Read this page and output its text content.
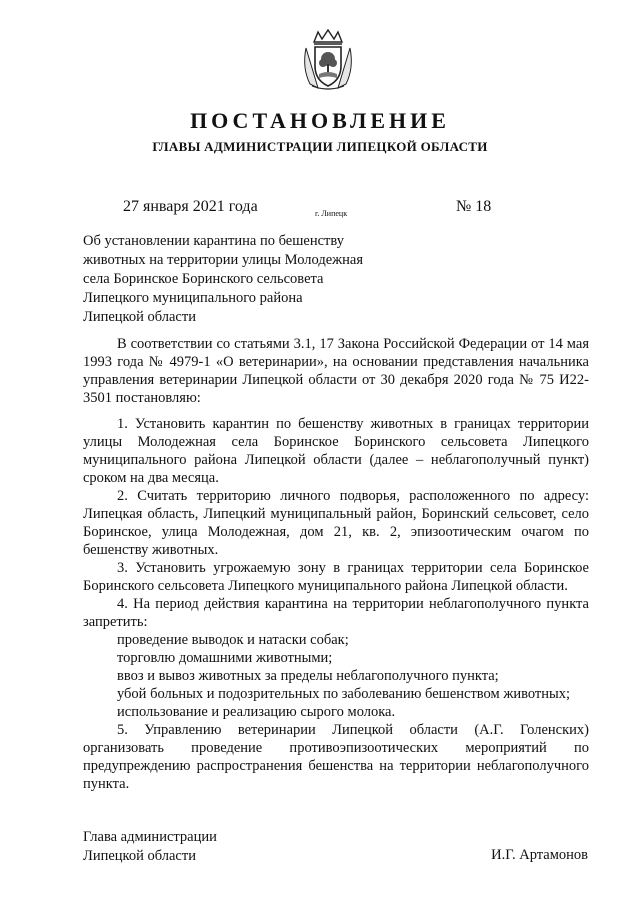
ПОСТАНОВЛЕНИЕ
ГЛАВЫ АДМИНИСТРАЦИИ ЛИПЕЦКОЙ ОБЛАСТИ
27 января 2021 года	г. Липецк	№ 18
Об установлении карантина по бешенству
животных на территории улицы Молодежная
села Боринское Боринского сельсовета
Липецкого муниципального района
Липецкой области

В соответствии со статьями 3.1, 17 Закона Российской Федерации от 14 мая 1993 года № 4979-1 «О ветеринарии», на основании представления начальника управления ветеринарии Липецкой области от 30 декабря 2020 года № 75 И22-3501 постановляю:

1. Установить карантин по бешенству животных в границах территории улицы Молодежная села Боринское Боринского сельсовета Липецкого муниципального района Липецкой области (далее – неблагополучный пункт) сроком на два месяца.

2. Считать территорию личного подворья, расположенного по адресу: Липецкая область, Липецкий муниципальный район, Боринский сельсовет, село Боринское, улица Молодежная, дом 21, кв. 2, эпизоотическим очагом по бешенству животных.

3. Установить угрожаемую зону в границах территории села Боринское Боринского сельсовета Липецкого муниципального района Липецкой области.

4. На период действия карантина на территории неблагополучного пункта запретить:

проведение выводок и натаски собак;
торговлю домашними животными;
ввоз и вывоз животных за пределы неблагополучного пункта;
убой больных и подозрительных по заболеванию бешенством животных;
использование и реализацию сырого молока.

5. Управлению ветеринарии Липецкой области (А.Г. Голенских) организовать проведение противоэпизоотических мероприятий по предупреждению распространения бешенства на территории неблагополучного пункта.

Глава администрации
Липецкой области	И.Г. Артамонов
